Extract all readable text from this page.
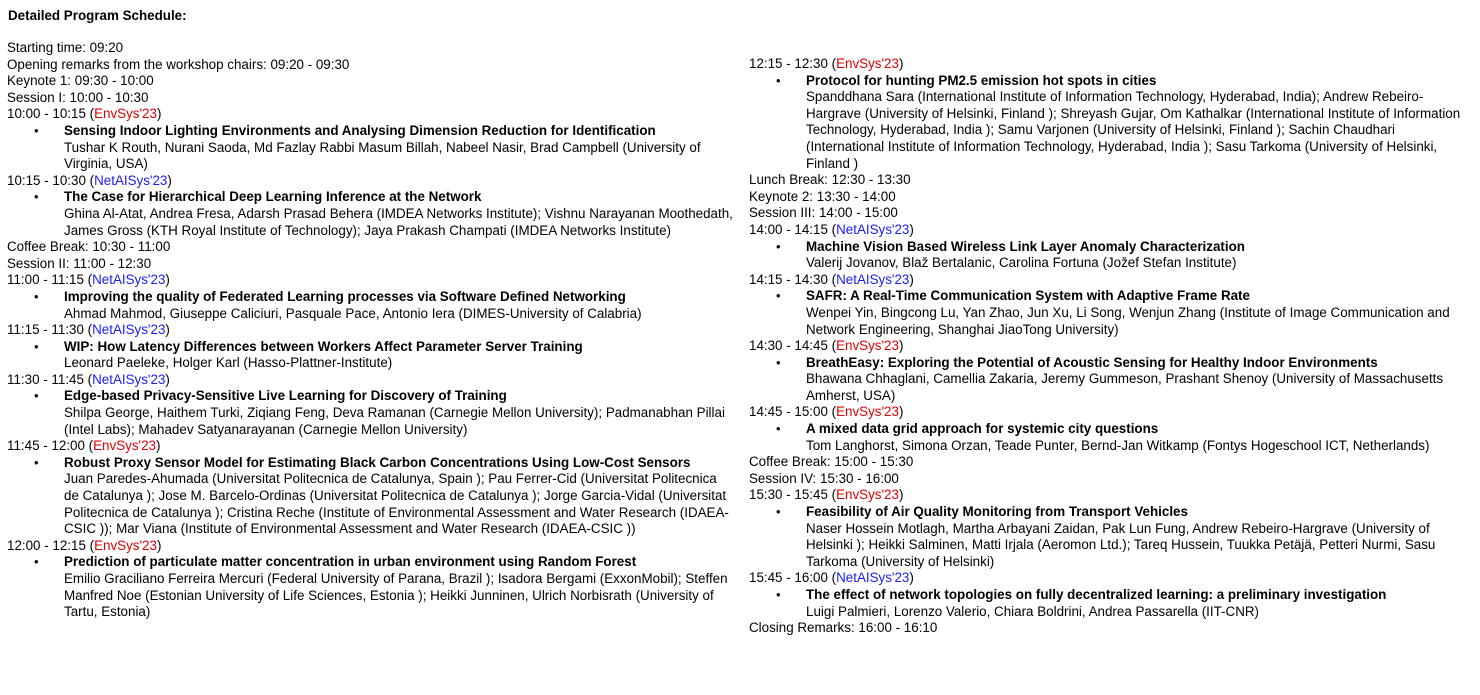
Detailed Program Schedule:
Starting time: 09:20
Opening remarks from the workshop chairs: 09:20 - 09:30
Keynote 1: 09:30 - 10:00
Session I: 10:00 - 10:30
10:00 - 10:15 (EnvSys'23)
• Sensing Indoor Lighting Environments and Analysing Dimension Reduction for Identification
Tushar K Routh, Nurani Saoda, Md Fazlay Rabbi Masum Billah, Nabeel Nasir, Brad Campbell (University of Virginia, USA)
10:15 - 10:30 (NetAISys'23)
• The Case for Hierarchical Deep Learning Inference at the Network
Ghina Al-Atat, Andrea Fresa, Adarsh Prasad Behera (IMDEA Networks Institute); Vishnu Narayanan Moothedath, James Gross (KTH Royal Institute of Technology); Jaya Prakash Champati (IMDEA Networks Institute)
Coffee Break: 10:30 - 11:00
Session II: 11:00 - 12:30
11:00 - 11:15 (NetAISys'23)
• Improving the quality of Federated Learning processes via Software Defined Networking
Ahmad Mahmod, Giuseppe Caliciuri, Pasquale Pace, Antonio Iera (DIMES-University of Calabria)
11:15 - 11:30 (NetAISys'23)
• WIP: How Latency Differences between Workers Affect Parameter Server Training
Leonard Paeleke, Holger Karl (Hasso-Plattner-Institute)
11:30 - 11:45 (NetAISys'23)
• Edge-based Privacy-Sensitive Live Learning for Discovery of Training
Shilpa George, Haithem Turki, Ziqiang Feng, Deva Ramanan (Carnegie Mellon University); Padmanabhan Pillai (Intel Labs); Mahadev Satyanarayanan (Carnegie Mellon University)
11:45 - 12:00 (EnvSys'23)
• Robust Proxy Sensor Model for Estimating Black Carbon Concentrations Using Low-Cost Sensors
Juan Paredes-Ahumada (Universitat Politecnica de Catalunya, Spain ); Pau Ferrer-Cid (Universitat Politecnica de Catalunya ); Jose M. Barcelo-Ordinas (Universitat Politecnica de Catalunya ); Jorge Garcia-Vidal (Universitat Politecnica de Catalunya ); Cristina Reche (Institute of Environmental Assessment and Water Research (IDAEA-CSIC )); Mar Viana (Institute of Environmental Assessment and Water Research (IDAEA-CSIC ))
12:00 - 12:15 (EnvSys'23)
• Prediction of particulate matter concentration in urban environment using Random Forest
Emilio Graciliano Ferreira Mercuri (Federal University of Parana, Brazil ); Isadora Bergami (ExxonMobil); Steffen Manfred Noe (Estonian University of Life Sciences, Estonia ); Heikki Junninen, Ulrich Norbisrath (University of Tartu, Estonia)
12:15 - 12:30 (EnvSys'23)
• Protocol for hunting PM2.5 emission hot spots in cities
Spanddhana Sara (International Institute of Information Technology, Hyderabad, India); Andrew Rebeiro-Hargrave (University of Helsinki, Finland ); Shreyash Gujar, Om Kathalkar (International Institute of Information Technology, Hyderabad, India ); Samu Varjonen (University of Helsinki, Finland ); Sachin Chaudhari (International Institute of Information Technology, Hyderabad, India ); Sasu Tarkoma (University of Helsinki, Finland )
Lunch Break: 12:30 - 13:30
Keynote 2: 13:30 - 14:00
Session III: 14:00 - 15:00
14:00 - 14:15 (NetAISys'23)
• Machine Vision Based Wireless Link Layer Anomaly Characterization
Valerij Jovanov, Blaž Bertalanic, Carolina Fortuna (Jožef Stefan Institute)
14:15 - 14:30 (NetAISys'23)
• SAFR: A Real-Time Communication System with Adaptive Frame Rate
Wenpei Yin, Bingcong Lu, Yan Zhao, Jun Xu, Li Song, Wenjun Zhang (Institute of Image Communication and Network Engineering, Shanghai JiaoTong University)
14:30 - 14:45 (EnvSys'23)
• BreathEasy: Exploring the Potential of Acoustic Sensing for Healthy Indoor Environments
Bhawana Chhaglani, Camellia Zakaria, Jeremy Gummeson, Prashant Shenoy (University of Massachusetts Amherst, USA)
14:45 - 15:00 (EnvSys'23)
• A mixed data grid approach for systemic city questions
Tom Langhorst, Simona Orzan, Teade Punter, Bernd-Jan Witkamp (Fontys Hogeschool ICT, Netherlands)
Coffee Break: 15:00 - 15:30
Session IV: 15:30 - 16:00
15:30 - 15:45 (EnvSys'23)
• Feasibility of Air Quality Monitoring from Transport Vehicles
Naser Hossein Motlagh, Martha Arbayani Zaidan, Pak Lun Fung, Andrew Rebeiro-Hargrave (University of Helsinki ); Heikki Salminen, Matti Irjala (Aeromon Ltd.); Tareq Hussein, Tuukka Petäjä, Petteri Nurmi, Sasu Tarkoma (University of Helsinki)
15:45 - 16:00 (NetAISys'23)
• The effect of network topologies on fully decentralized learning: a preliminary investigation
Luigi Palmieri, Lorenzo Valerio, Chiara Boldrini, Andrea Passarella (IIT-CNR)
Closing Remarks: 16:00 - 16:10
